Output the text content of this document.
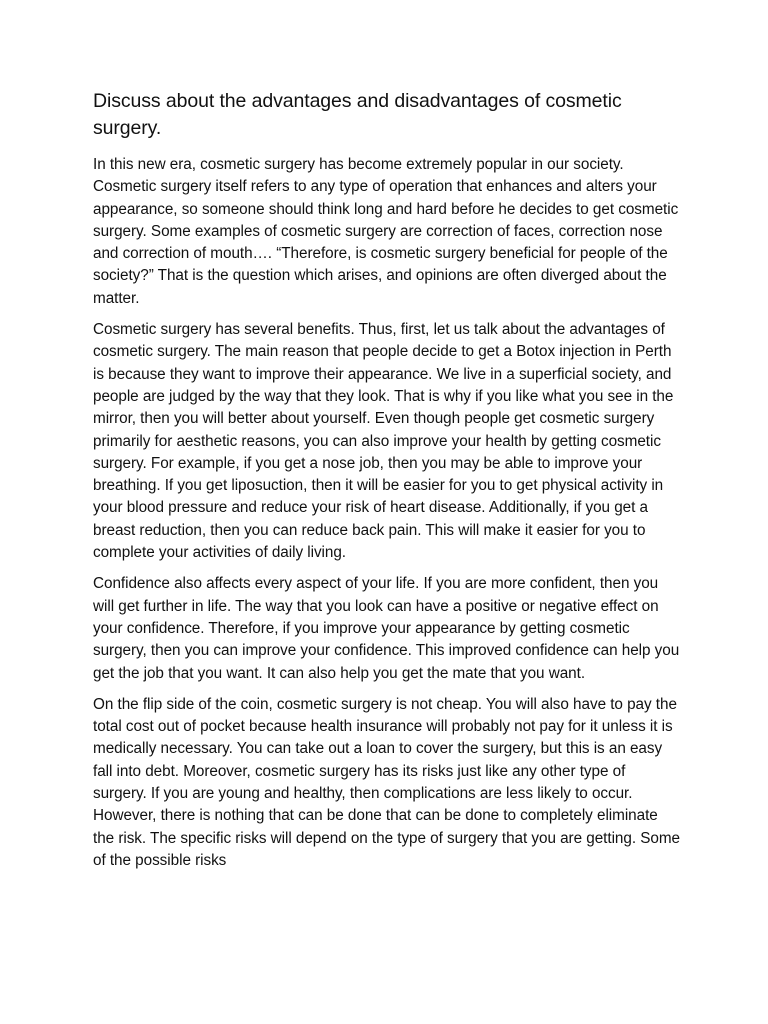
Discuss about the advantages and disadvantages of cosmetic surgery.

In this new era, cosmetic surgery has become extremely popular in our society. Cosmetic surgery itself refers to any type of operation that enhances and alters your appearance, so someone should think long and hard before he decides to get cosmetic surgery. Some examples of cosmetic surgery are correction of faces, correction nose and correction of mouth…. “Therefore, is cosmetic surgery beneficial for people of the society?” That is the question which arises, and opinions are often diverged about the matter.

Cosmetic surgery has several benefits. Thus, first, let us talk about the advantages of cosmetic surgery. The main reason that people decide to get a Botox injection in Perth is because they want to improve their appearance. We live in a superficial society, and people are judged by the way that they look. That is why if you like what you see in the mirror, then you will better about yourself. Even though people get cosmetic surgery primarily for aesthetic reasons, you can also improve your health by getting cosmetic surgery. For example, if you get a nose job, then you may be able to improve your breathing. If you get liposuction, then it will be easier for you to get physical activity in your blood pressure and reduce your risk of heart disease. Additionally, if you get a breast reduction, then you can reduce back pain. This will make it easier for you to complete your activities of daily living.

Confidence also affects every aspect of your life. If you are more confident, then you will get further in life. The way that you look can have a positive or negative effect on your confidence. Therefore, if you improve your appearance by getting cosmetic surgery, then you can improve your confidence. This improved confidence can help you get the job that you want. It can also help you get the mate that you want.

On the flip side of the coin, cosmetic surgery is not cheap. You will also have to pay the total cost out of pocket because health insurance will probably not pay for it unless it is medically necessary. You can take out a loan to cover the surgery, but this is an easy fall into debt. Moreover, cosmetic surgery has its risks just like any other type of surgery. If you are young and healthy, then complications are less likely to occur. However, there is nothing that can be done that can be done to completely eliminate the risk. The specific risks will depend on the type of surgery that you are getting. Some of the possible risks
